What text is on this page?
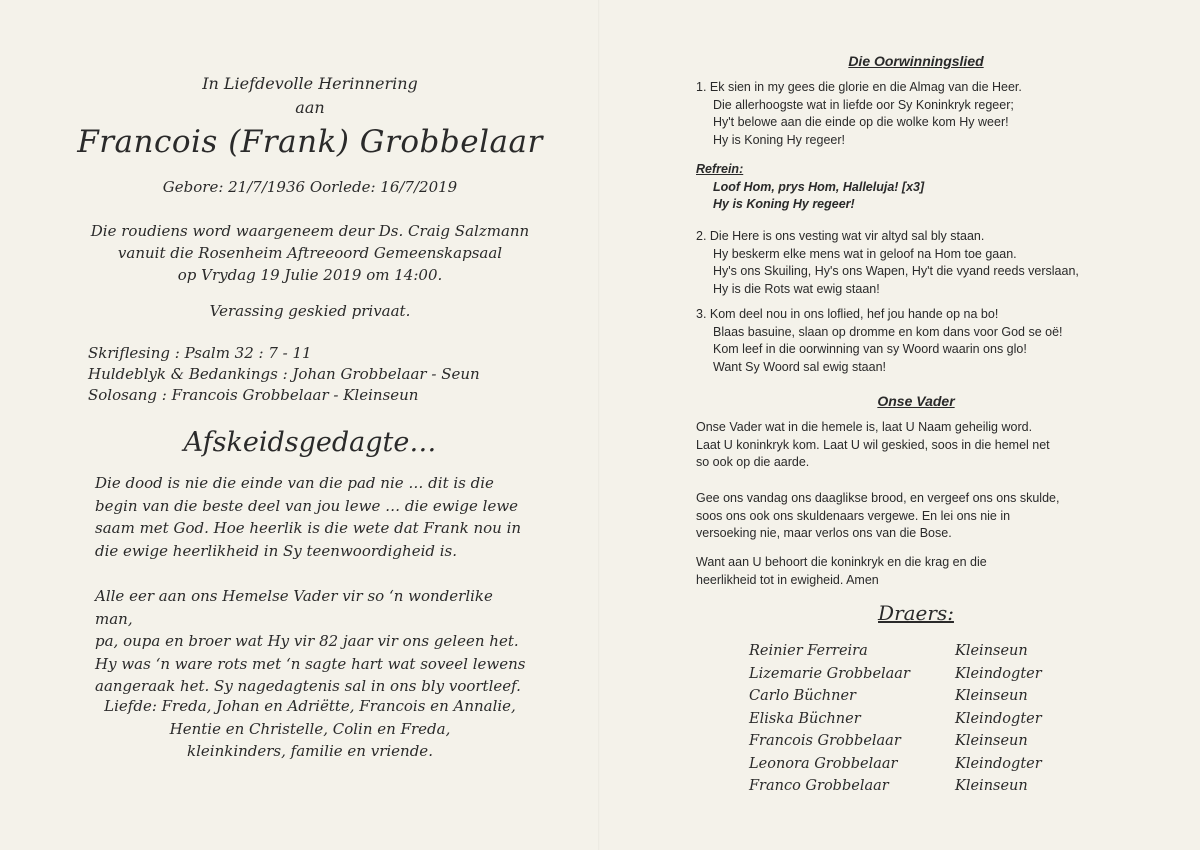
In Liefdevolle Herinnering
aan
Francois (Frank) Grobbelaar
Gebore: 21/7/1936 Oorlede: 16/7/2019
Die roudiens word waargeneem deur Ds. Craig Salzmann
vanuit die Rosenheim Aftreeoord Gemeenskapsaal
op Vrydag 19 Julie 2019 om 14:00.
Verassing geskied privaat.
Skriflesing : Psalm 32 : 7 - 11
Huldeblyk & Bedankings : Johan Grobbelaar - Seun
Solosang : Francois Grobbelaar - Kleinseun
Afskeidsgedagte…
Die dood is nie die einde van die pad nie … dit is die
begin van die beste deel van jou lewe … die ewige lewe
saam met God. Hoe heerlik is die wete dat Frank nou in
die ewige heerlikheid in Sy teenwoordigheid is.
Alle eer aan ons Hemelse Vader vir so ‘n wonderlike man,
pa, oupa en broer wat Hy vir 82 jaar vir ons geleen het.
Hy was ‘n ware rots met ‘n sagte hart wat soveel lewens
aangeraak het. Sy nagedagtenis sal in ons bly voortleef.
Liefde: Freda, Johan en Adriëtte, Francois en Annalie,
Hentie en Christelle, Colin en Freda,
kleinkinders, familie en vriende.
Die Oorwinningslied
1. Ek sien in my gees die glorie en die Almag van die Heer.
Die allerhoogste wat in liefde oor Sy Koninkryk regeer;
Hy't belowe aan die einde op die wolke kom Hy weer!
Hy is Koning Hy regeer!
Refrein:
Loof Hom, prys Hom, Halleluja! [x3]
Hy is Koning Hy regeer!
2. Die Here is ons vesting wat vir altyd sal bly staan.
Hy beskerm elke mens wat in geloof na Hom toe gaan.
Hy's ons Skuiling, Hy's ons Wapen, Hy't die vyand reeds verslaan,
Hy is die Rots wat ewig staan!
3. Kom deel nou in ons loflied, hef jou hande op na bo!
Blaas basuine, slaan op dromme en kom dans voor God se oë!
Kom leef in die oorwinning van sy Woord waarin ons glo!
Want Sy Woord sal ewig staan!
Onse Vader
Onse Vader wat in die hemele is, laat U Naam geheilig word.
Laat U koninkryk kom. Laat U wil geskied, soos in die hemel net
so ook op die aarde.
Gee ons vandag ons daaglikse brood, en vergeef ons ons skulde,
soos ons ook ons skuldenaars vergewe. En lei ons nie in
versoeking nie, maar verlos ons van die Bose.
Want aan U behoort die koninkryk en die krag en die
heerlikheid tot in ewigheid. Amen
Draers:
Reinier Ferreira	Kleinseun
Lizemarie Grobbelaar	Kleindogter
Carlo Büchner	Kleinseun
Eliska Büchner	Kleindogter
Francois Grobbelaar	Kleinseun
Leonora Grobbelaar	Kleindogter
Franco Grobbelaar	Kleinseun
